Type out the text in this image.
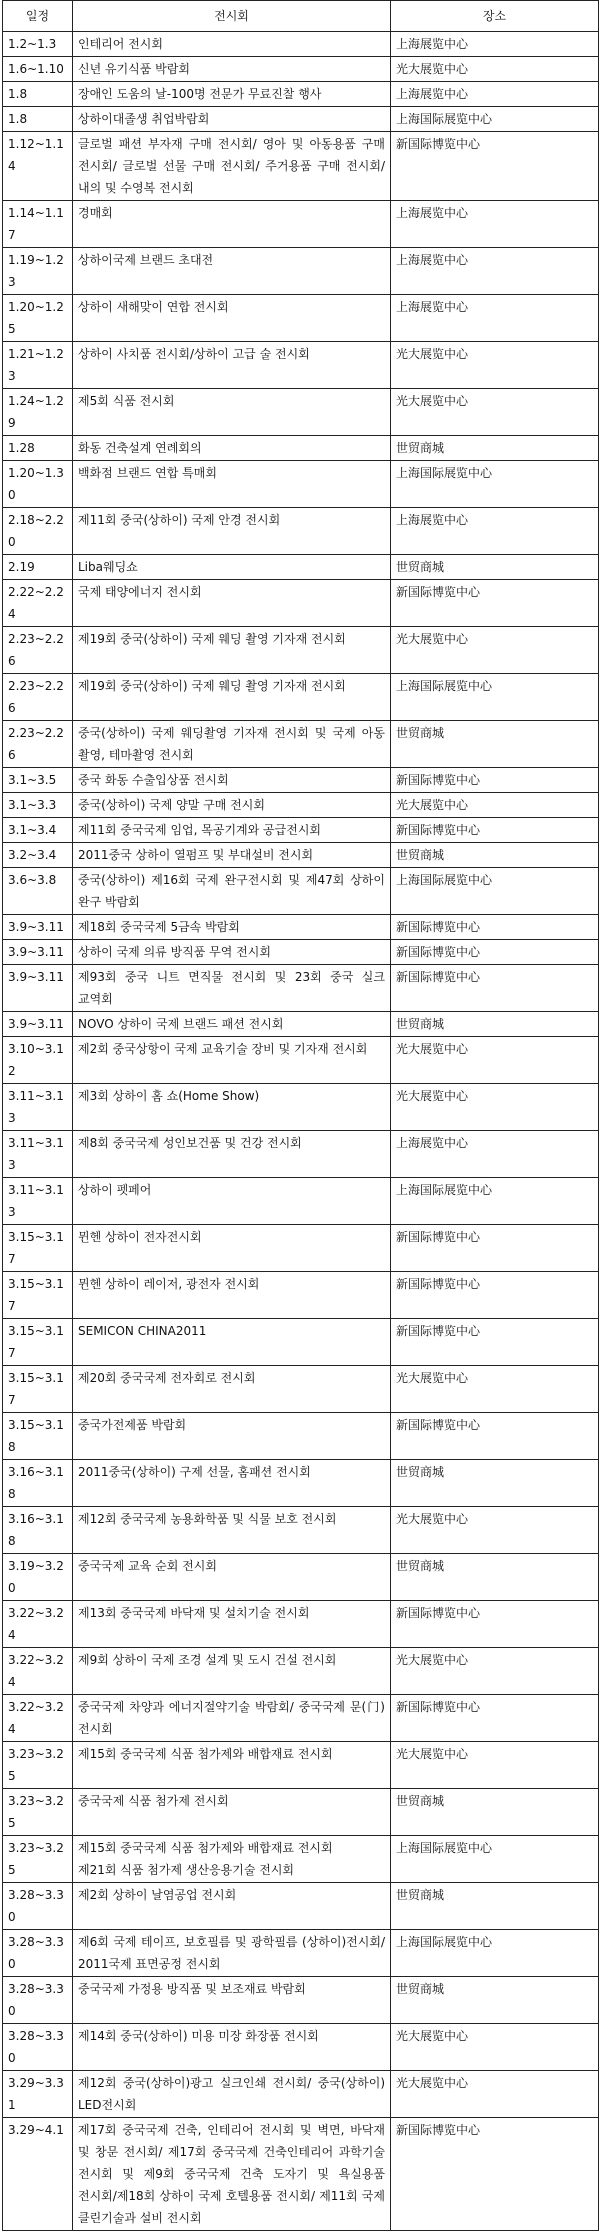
일정	전시회	장소
1.2~1.3	인테리어 전시회	上海展览中心
1.6~1.10	신년 유기식품 박람회	光大展览中心
1.8	장애인 도움의 날-100명 전문가 무료진찰 행사	上海展览中心
1.8	상하이대졸생 취업박람회	上海国际展览中心
1.12~1.14	글로벌 패션 부자재 구매 전시회/ 영아 및 아동용품 구매 전시회/ 글로벌 선물 구매 전시회/ 주거용품 구매 전시회/ 내의 및 수영복 전시회	新国际博览中心
1.14~1.17	경매회	上海展览中心
1.19~1.23	상하이국제 브랜드 초대전	上海展览中心
1.20~1.25	상하이 새해맞이 연합 전시회	上海展览中心
1.21~1.23	상하이 사치품 전시회/상하이 고급 술 전시회	光大展览中心
1.24~1.29	제5회 식품 전시회	光大展览中心
1.28	화동 건축설계 연례회의	世贸商城
1.20~1.30	백화점 브랜드 연합 특매회	上海国际展览中心
2.18~2.20	제11회 중국(상하이) 국제 안경 전시회	上海展览中心
2.19	Liba웨딩쇼	世贸商城
2.22~2.24	국제 태양에너지 전시회	新国际博览中心
2.23~2.26	제19회 중국(상하이) 국제 웨딩 촬영 기자재 전시회	光大展览中心
2.23~2.26	제19회 중국(상하이) 국제 웨딩 촬영 기자재 전시회	上海国际展览中心
2.23~2.26	중국(상하이) 국제 웨딩촬영 기자재 전시회 및 국제 아동 촬영, 테마촬영 전시회	世贸商城
3.1~3.5	중국 화동 수출입상품 전시회	新国际博览中心
3.1~3.3	중국(상하이) 국제 양말 구매 전시회	光大展览中心
3.1~3.4	제11회 중국국제 임업, 목공기계와 공급전시회	新国际博览中心
3.2~3.4	2011중국 상하이 열펌프 및 부대설비 전시회	世贸商城
3.6~3.8	중국(상하이) 제16회 국제 완구전시회 및 제47회 상하이 완구 박람회	上海国际展览中心
3.9~3.11	제18회 중국국제 5금속 박람회	新国际博览中心
3.9~3.11	상하이 국제 의류 방직품 무역 전시회	新国际博览中心
3.9~3.11	제93회 중국 니트 면직물 전시회 및 23회 중국 실크 교역회	新国际博览中心
3.9~3.11	NOVO 상하이 국제 브랜드 패션 전시회	世贸商城
3.10~3.12	제2회 중국상항이 국제 교육기술 장비 및 기자재 전시회	光大展览中心
3.11~3.13	제3회 상하이 홈 쇼(Home Show)	光大展览中心
3.11~3.13	제8회 중국국제 성인보건품 및 건강 전시회	上海展览中心
3.11~3.13	상하이 펫페어	上海国际展览中心
3.15~3.17	뮌헨 상하이 전자전시회	新国际博览中心
3.15~3.17	뮌헨 상하이 레이저, 광전자 전시회	新国际博览中心
3.15~3.17	SEMICON CHINA2011	新国际博览中心
3.15~3.17	제20회 중국국제 전자회로 전시회	光大展览中心
3.15~3.18	중국가전제품 박람회	新国际博览中心
3.16~3.18	2011중국(상하이) 구제 선물, 홈패션 전시회	世贸商城
3.16~3.18	제12회 중국국제 농용화학품 및 식물 보호 전시회	光大展览中心
3.19~3.20	중국국제 교육 순회 전시회	世贸商城
3.22~3.24	제13회 중국국제 바닥재 및 설치기술 전시회	新国际博览中心
3.22~3.24	제9회 상하이 국제 조경 설계 및 도시 건설 전시회	光大展览中心
3.22~3.24	중국국제 차양과 에너지절약기술 박람회/ 중국국제 문(门) 전시회	新国际博览中心
3.23~3.25	제15회 중국국제 식품 첨가제와 배합재료 전시회	光大展览中心
3.23~3.25	중국국제 식품 첨가제 전시회	世贸商城
3.23~3.25	제15회 중국국제 식품 첨가제와 배합재료 전시회
제21회 식품 첨가제 생산응용기술 전시회	上海国际展览中心
3.28~3.30	제2회 상하이 날염공업 전시회	世贸商城
3.28~3.30	제6회 국제 테이프, 보호필름 및 광학필름 (상하이)전시회/ 2011국제 표면공정 전시회	上海国际展览中心
3.28~3.30	중국국제 가정용 방직품 및 보조재료 박람회	世贸商城
3.28~3.30	제14회 중국(상하이) 미용 미장 화장품 전시회	光大展览中心
3.29~3.31	제12회 중국(상하이)광고 실크인쇄 전시회/ 중국(상하이) LED전시회	光大展览中心
3.29~4.1	제17회 중국국제 건축, 인테리어 전시회 및 벽면, 바닥재 및 창문 전시회/ 제17회 중국국제 건축인테리어 과학기술 전시회 및 제9회 중국국제 건축 도자기 및 욕실용품 전시회/제18회 상하이 국제 호텔용품 전시회/ 제11회 국제 클린기술과 설비 전시회	新国际博览中心
